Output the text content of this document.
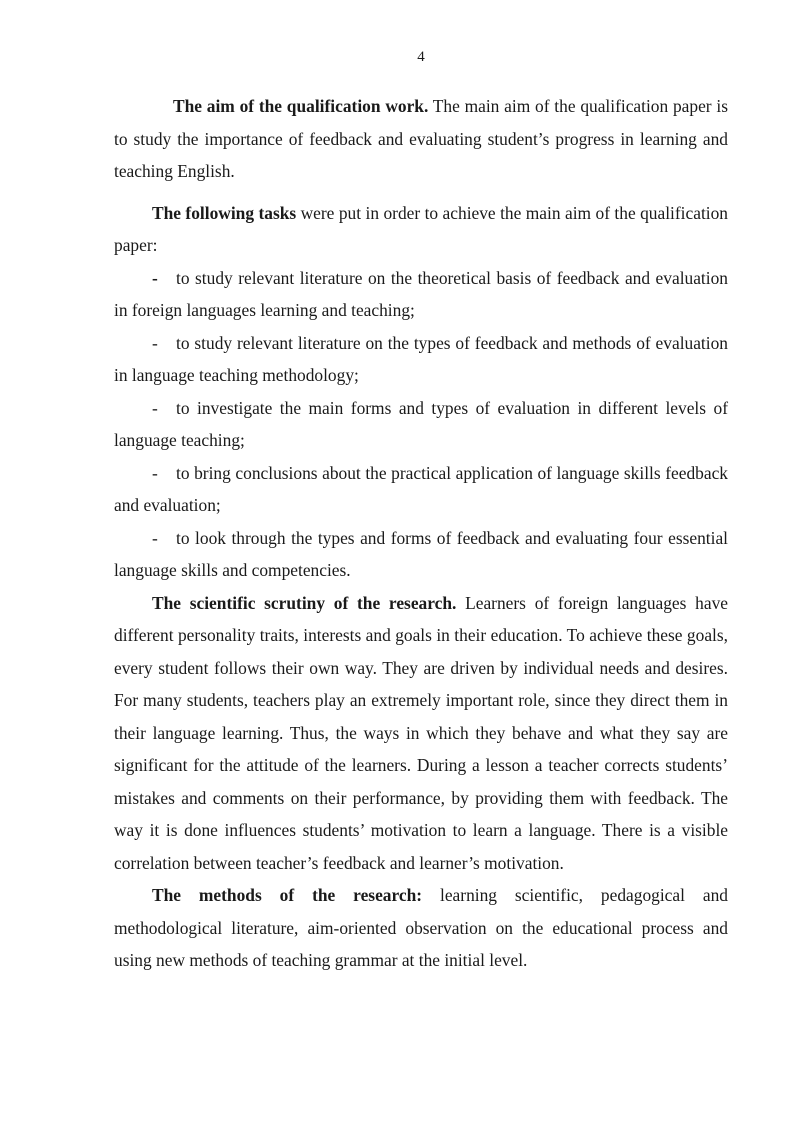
4

The aim of the qualification work. The main aim of the qualification paper is to study the importance of feedback and evaluating student’s progress in learning and teaching English.

The following tasks were put in order to achieve the main aim of the qualification paper:

- to study relevant literature on the theoretical basis of feedback and evaluation in foreign languages learning and teaching;

- to study relevant literature on the types of feedback and methods of evaluation in language teaching methodology;

- to investigate the main forms and types of evaluation in different levels of language teaching;

- to bring conclusions about the practical application of language skills feedback and evaluation;

- to look through the types and forms of feedback and evaluating four essential language skills and competencies.

The scientific scrutiny of the research. Learners of foreign languages have different personality traits, interests and goals in their education. To achieve these goals, every student follows their own way. They are driven by individual needs and desires. For many students, teachers play an extremely important role, since they direct them in their language learning. Thus, the ways in which they behave and what they say are significant for the attitude of the learners. During a lesson a teacher corrects students’ mistakes and comments on their performance, by providing them with feedback. The way it is done influences students’ motivation to learn a language. There is a visible correlation between teacher’s feedback and learner’s motivation.

The methods of the research: learning scientific, pedagogical and methodological literature, aim-oriented observation on the educational process and using new methods of teaching grammar at the initial level.
